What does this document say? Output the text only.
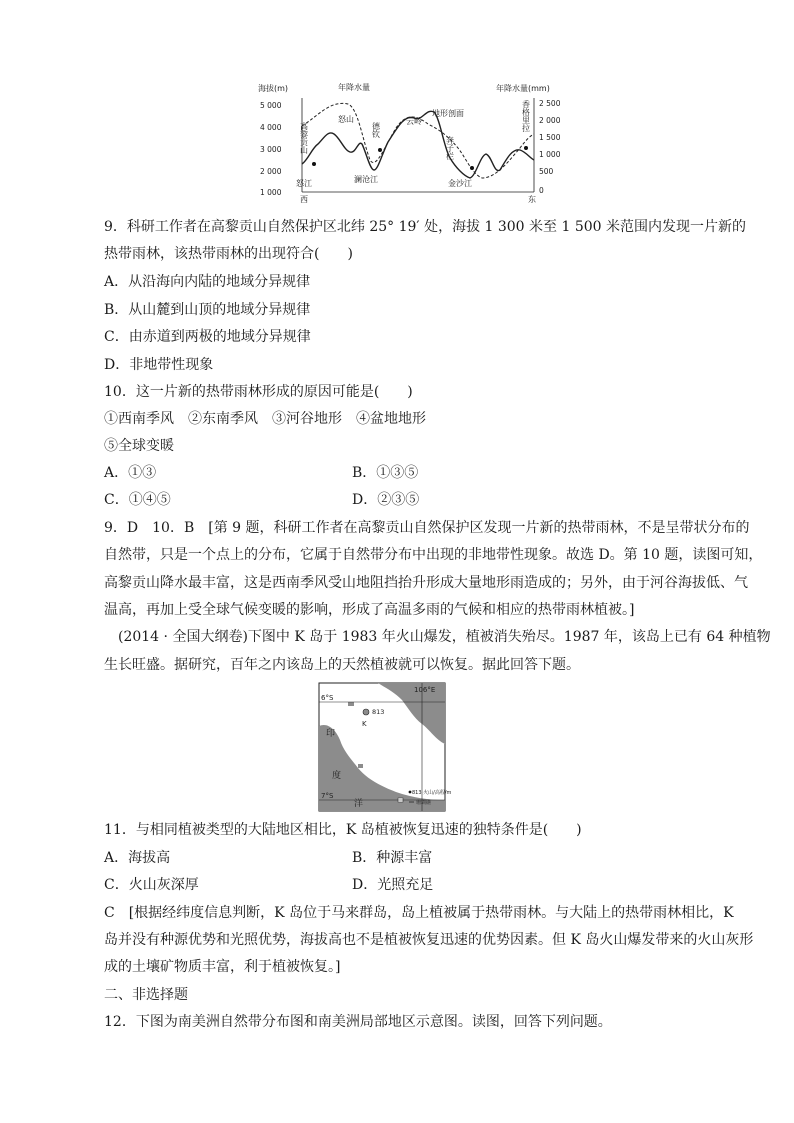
海拔(m)	年降水量(mm)
5 000
4 000
3 000
2 000
1 000
2 500
2 000
1 500
1 000
500
0
年降水量
地形剖面
高黎贡山
怒山
德钦
云岭
奔子栏
香格里拉
怒江	澜沧江	金沙江
西	东

9．科研工作者在高黎贡山自然保护区北纬 25° 19′ 处，海拔 1 300 米至 1 500 米范围内发现一片新的

热带雨林，该热带雨林的出现符合(　　)

A．从沿海向内陆的地域分异规律

B．从山麓到山顶的地域分异规律

C．由赤道到两极的地域分异规律

D．非地带性现象

10．这一片新的热带雨林形成的原因可能是(　　)

①西南季风　②东南季风　③河谷地形　④盆地地形

⑤全球变暖

A．①③	B．①③⑤
C．①④⑤	D．②③⑤

9．D　10．B　[第 9 题，科研工作者在高黎贡山自然保护区发现一片新的热带雨林，不是呈带状分布的

自然带，只是一个点上的分布，它属于自然带分布中出现的非地带性现象。故选 D。第 10 题，读图可知，

高黎贡山降水最丰富，这是西南季风受山地阻挡抬升形成大量地形雨造成的；另外，由于河谷海拔低、气

温高，再加上受全球气候变暖的影响，形成了高温多雨的气候和相应的热带雨林植被。]

(2014 · 全国大纲卷)下图中 K 岛于 1983 年火山爆发，植被消失殆尽。1987 年，该岛上已有 64 种植物

生长旺盛。据研究，百年之内该岛上的天然植被就可以恢复。据此回答下题。

106°E
6°S
7°S
K
813
印
度
洋
813 火山/高程/m
珊瑚礁

11．与相同植被类型的大陆地区相比，K 岛植被恢复迅速的独特条件是(　　)

A．海拔高	B．种源丰富
C．火山灰深厚	D．光照充足

C　[根据经纬度信息判断，K 岛位于马来群岛，岛上植被属于热带雨林。与大陆上的热带雨林相比，K

岛并没有种源优势和光照优势，海拔高也不是植被恢复迅速的优势因素。但 K 岛火山爆发带来的火山灰形

成的土壤矿物质丰富，利于植被恢复。]

二、非选择题

12．下图为南美洲自然带分布图和南美洲局部地区示意图。读图，回答下列问题。
